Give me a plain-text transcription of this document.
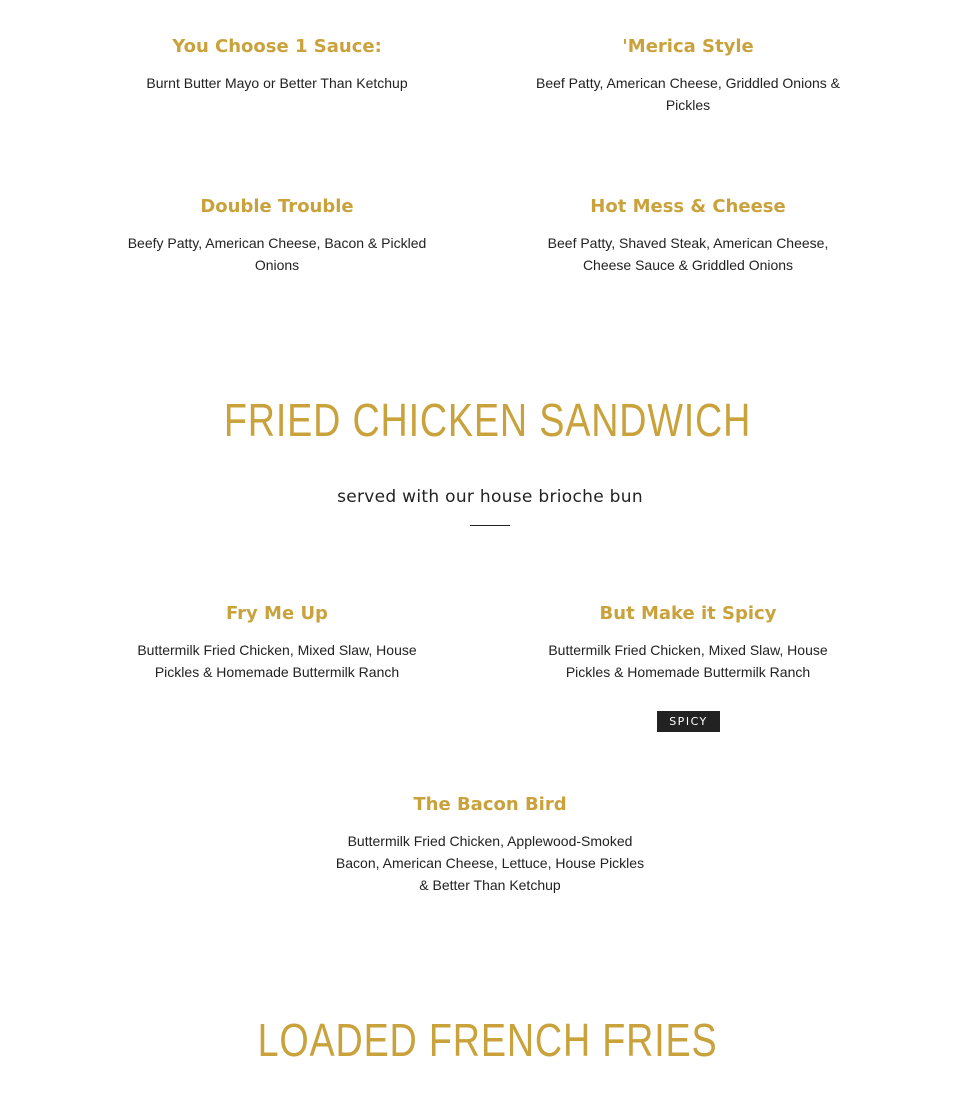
You Choose 1 Sauce:
Burnt Butter Mayo or Better Than Ketchup
'Merica Style
Beef Patty, American Cheese, Griddled Onions & Pickles
Double Trouble
Beefy Patty, American Cheese, Bacon & Pickled Onions
Hot Mess & Cheese
Beef Patty, Shaved Steak, American Cheese, Cheese Sauce & Griddled Onions
FRIED CHICKEN SANDWICH
served with our house brioche bun
Fry Me Up
Buttermilk Fried Chicken, Mixed Slaw, House Pickles & Homemade Buttermilk Ranch
But Make it Spicy
Buttermilk Fried Chicken, Mixed Slaw, House Pickles & Homemade Buttermilk Ranch
SPICY
The Bacon Bird
Buttermilk Fried Chicken, Applewood-Smoked Bacon, American Cheese, Lettuce, House Pickles & Better Than Ketchup
LOADED FRENCH FRIES
